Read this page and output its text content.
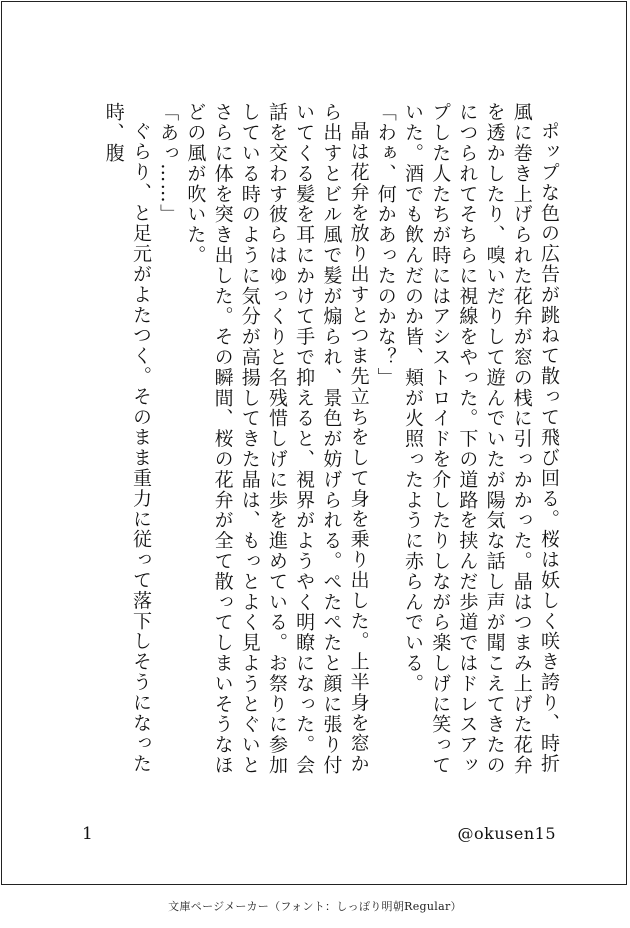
ポップな色の広告が跳ねて散って飛び回る。桜は妖しく咲き誇り、時折風に巻き上げられた花弁が窓の桟に引っかかった。晶はつまみ上げた花弁を透かしたり、嗅いだりして遊んでいたが陽気な話し声が聞こえてきたのにつられてそちらに視線をやった。下の道路を挟んだ歩道ではドレスアップした人たちが時にはアシストロイドを介したりしながら楽しげに笑っていた。酒でも飲んだのか皆、頬が火照ったように赤らんでいる。

「わぁ、何かあったのかな？」

晶は花弁を放り出すとつま先立ちをして身を乗り出した。上半身を窓から出すとビル風で髪が煽られ、景色が妨げられる。ぺたぺたと顔に張り付いてくる髪を耳にかけて手で抑えると、視界がようやく明瞭になった。会話を交わす彼らはゆっくりと名残惜しげに歩を進めている。お祭りに参加している時のように気分が高揚してきた晶は、もっとよく見ようとぐいとさらに体を突き出した。その瞬間、桜の花弁が全て散ってしまいそうなほどの風が吹いた。

「あっ……」

ぐらり、と足元がよたつく。そのまま重力に従って落下しそうになった時、腹

1	@okusen15
文庫ページメーカー（フォント：しっぽり明朝Regular）
